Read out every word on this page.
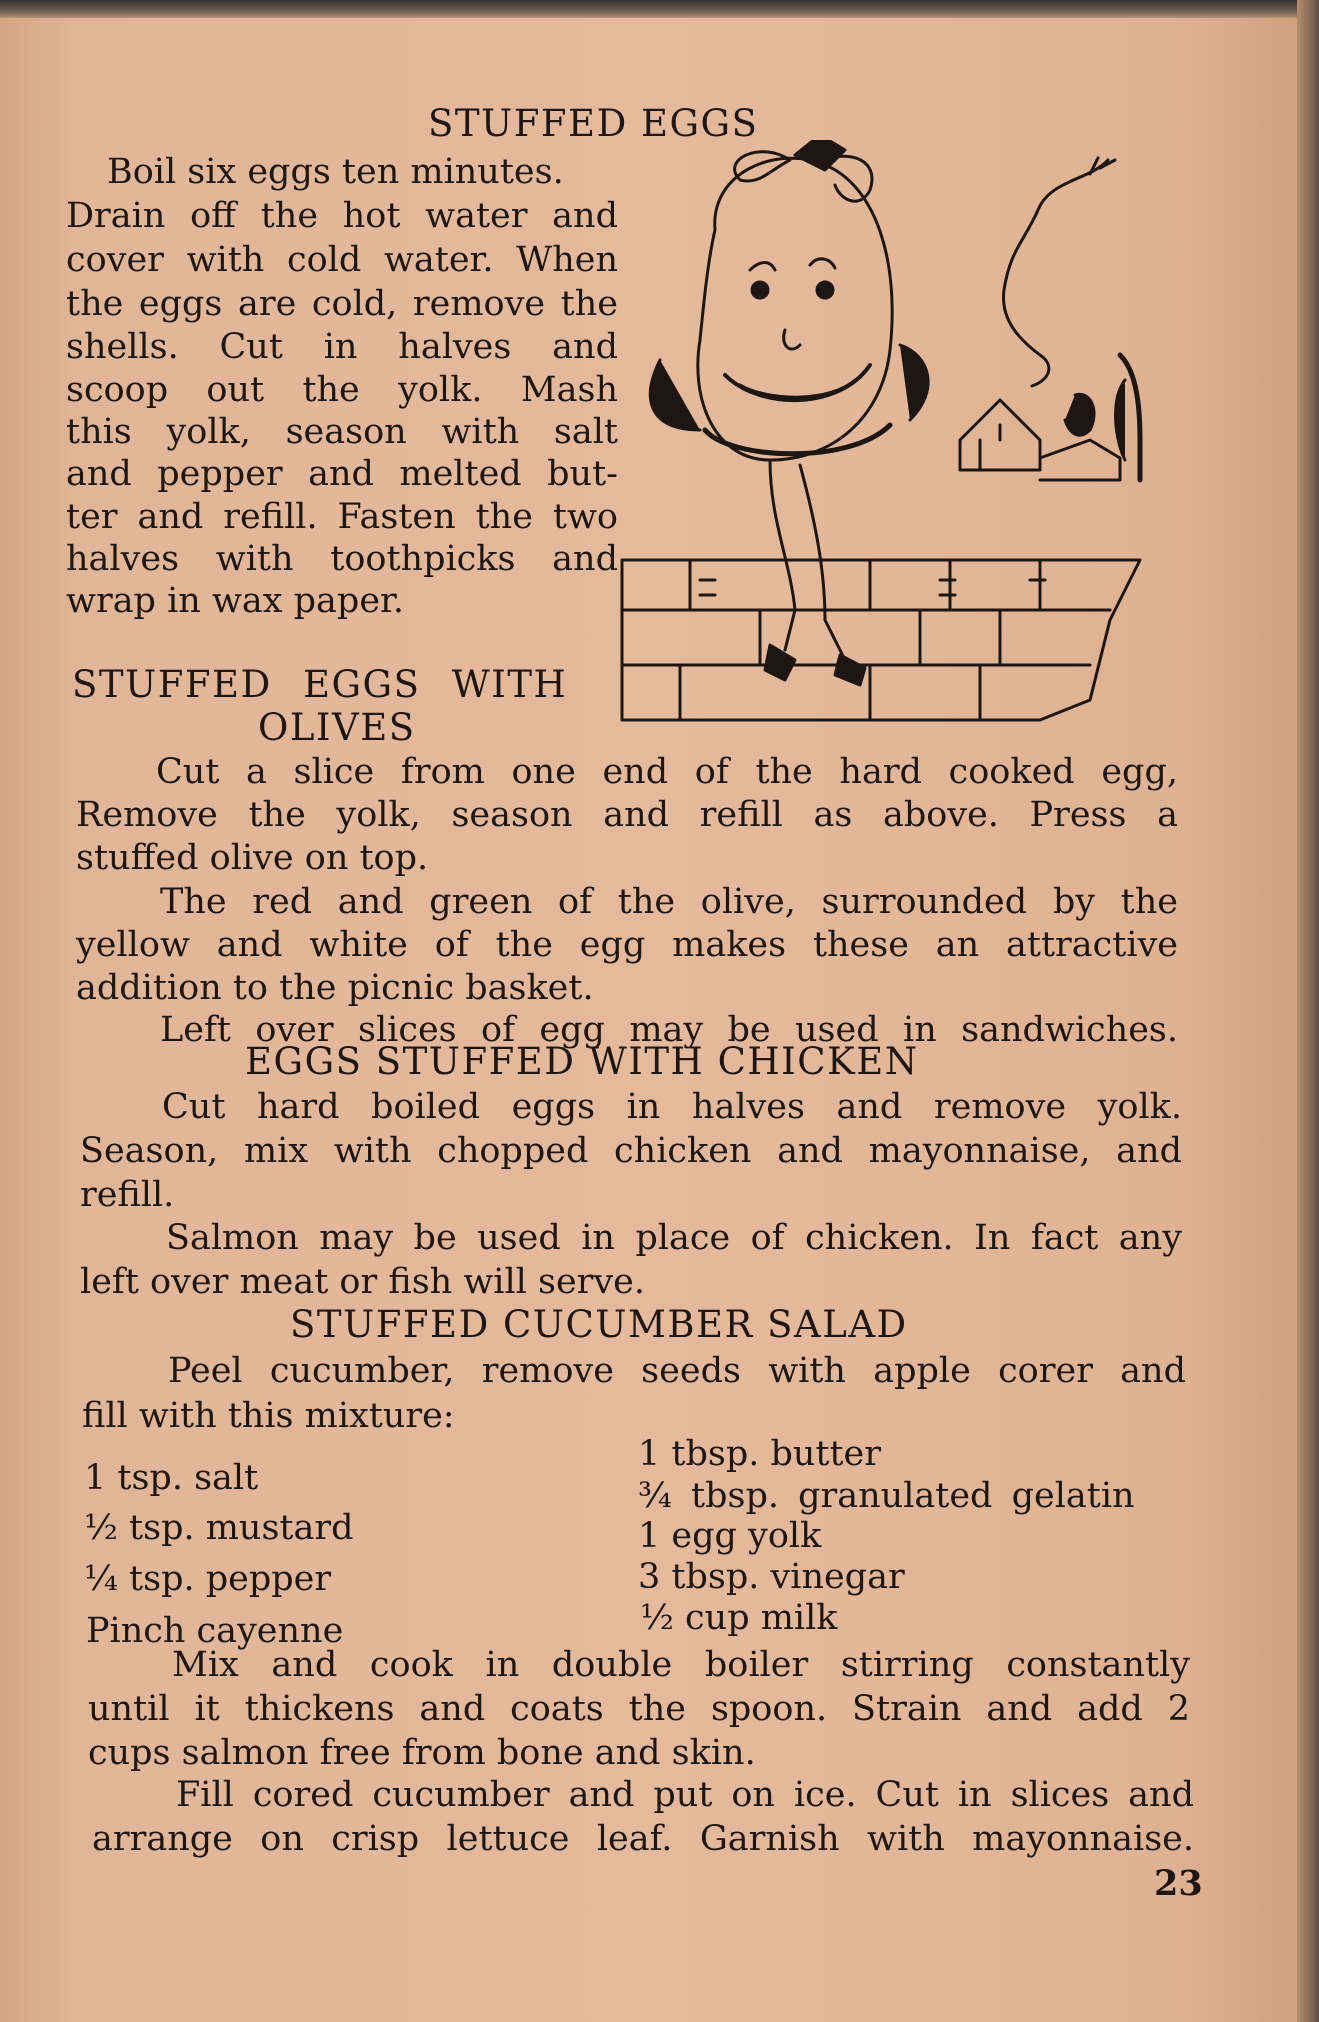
STUFFED EGGS
Boil six eggs ten minutes.
Drain off the hot water and
cover with cold water. When
the eggs are cold, remove the
shells. Cut in halves and
scoop out the yolk. Mash
this yolk, season with salt
and pepper and melted but-
ter and refill. Fasten the two
halves with toothpicks and
wrap in wax paper.
STUFFED EGGS WITH
OLIVES
Cut a slice from one end of the hard cooked egg,
Remove the yolk, season and refill as above. Press a
stuffed olive on top.
The red and green of the olive, surrounded by the
yellow and white of the egg makes these an attractive
addition to the picnic basket.
Left over slices of egg may be used in sandwiches.
EGGS STUFFED WITH CHICKEN
Cut hard boiled eggs in halves and remove yolk.
Season, mix with chopped chicken and mayonnaise, and
refill.
Salmon may be used in place of chicken. In fact any
left over meat or fish will serve.
STUFFED CUCUMBER SALAD
Peel cucumber, remove seeds with apple corer and
fill with this mixture:
1 tbsp. butter
1 tsp. salt	¾ tbsp. granulated gelatin
½ tsp. mustard	1 egg yolk
3 tbsp. vinegar
¼ tsp. pepper
½ cup milk
Pinch cayenne
Mix and cook in double boiler stirring constantly
until it thickens and coats the spoon. Strain and add 2
cups salmon free from bone and skin.
Fill cored cucumber and put on ice. Cut in slices and
arrange on crisp lettuce leaf. Garnish with mayonnaise.
23
